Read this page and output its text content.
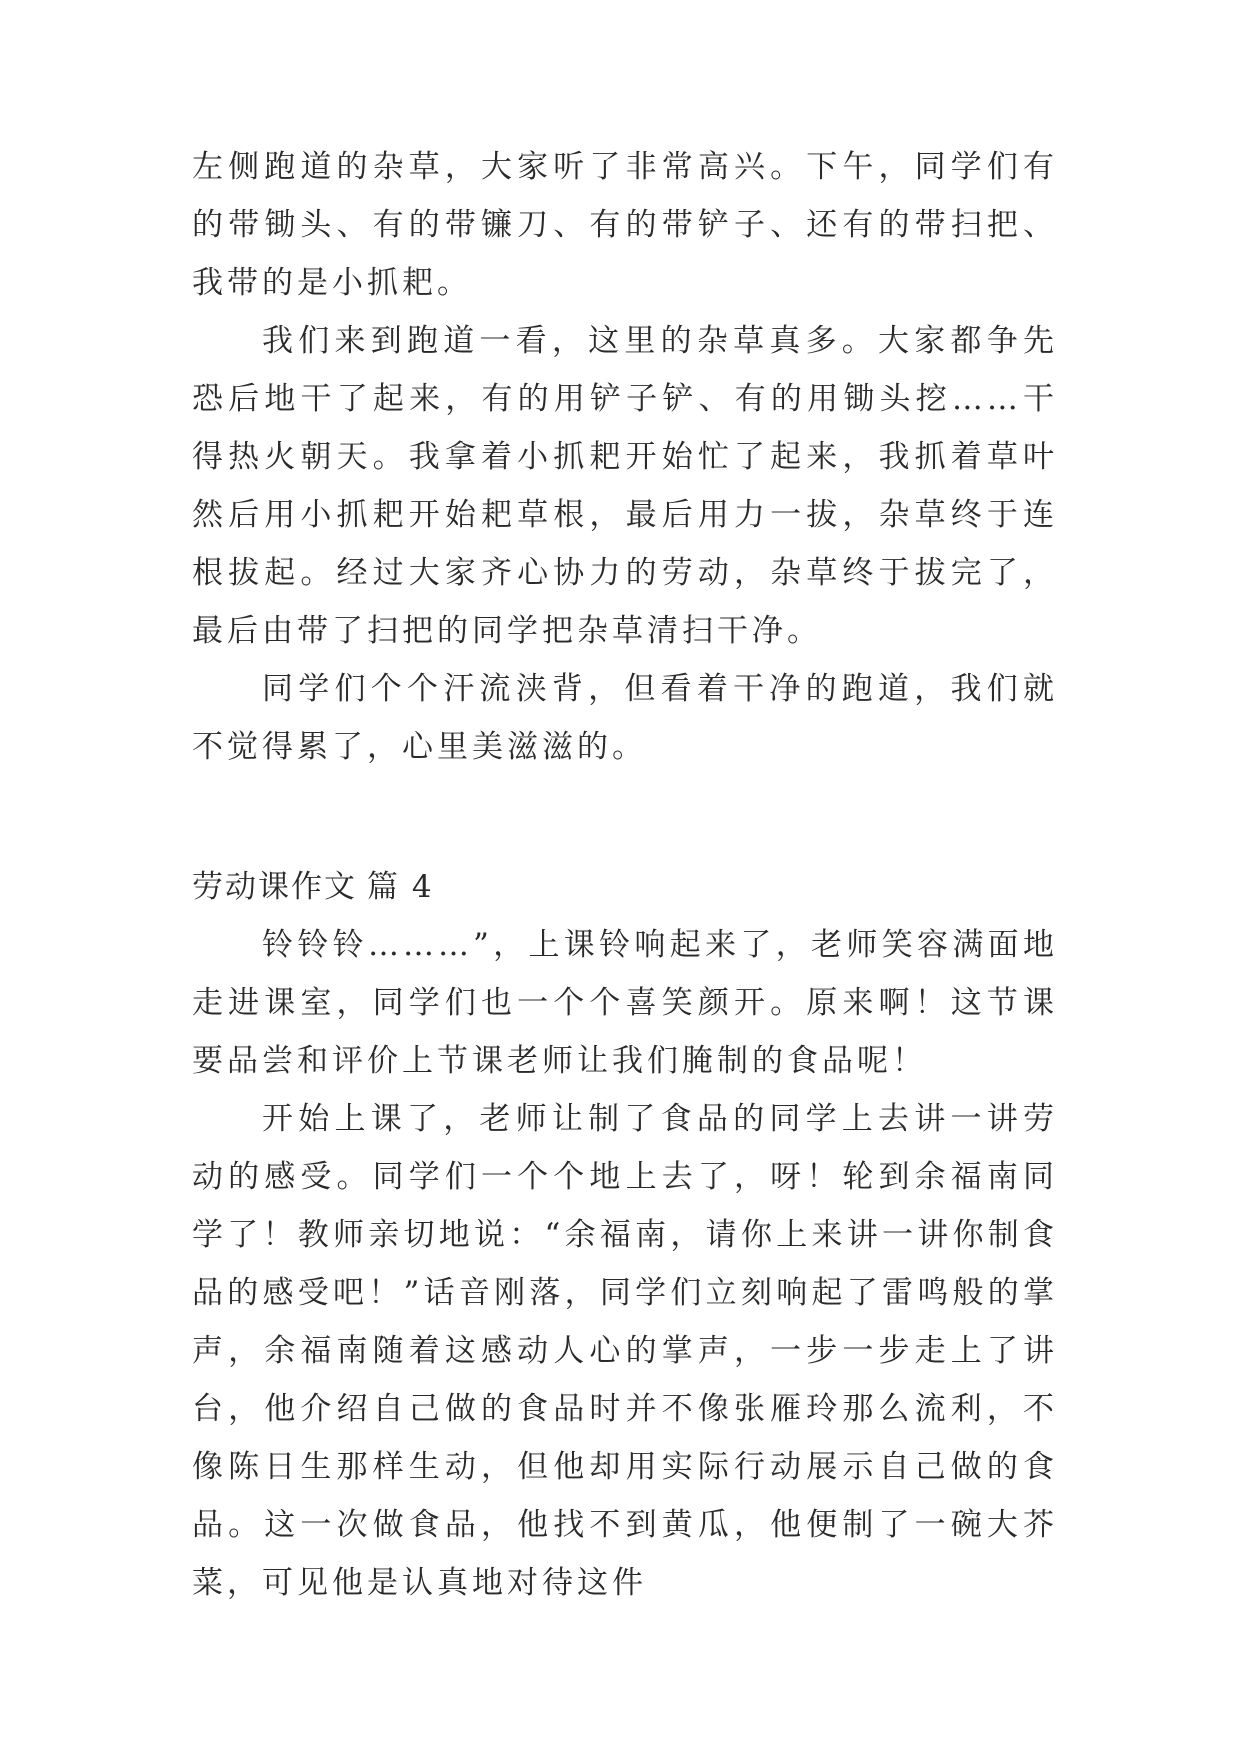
左侧跑道的杂草，大家听了非常高兴。下午，同学们有的带锄头、有的带镰刀、有的带铲子、还有的带扫把、我带的是小抓耙。

我们来到跑道一看，这里的杂草真多。大家都争先恐后地干了起来，有的用铲子铲、有的用锄头挖……干得热火朝天。我拿着小抓耙开始忙了起来，我抓着草叶然后用小抓耙开始耙草根，最后用力一拔，杂草终于连根拔起。经过大家齐心协力的劳动，杂草终于拔完了，最后由带了扫把的同学把杂草清扫干净。

同学们个个汗流浃背，但看着干净的跑道，我们就不觉得累了，心里美滋滋的。

劳动课作文 篇 4

铃铃铃………”，上课铃响起来了，老师笑容满面地走进课室，同学们也一个个喜笑颜开。原来啊！这节课要品尝和评价上节课老师让我们腌制的食品呢！

开始上课了，老师让制了食品的同学上去讲一讲劳动的感受。同学们一个个地上去了，呀！轮到余福南同学了！教师亲切地说：“余福南，请你上来讲一讲你制食品的感受吧！”话音刚落，同学们立刻响起了雷鸣般的掌声，余福南随着这感动人心的掌声，一步一步走上了讲台，他介绍自己做的食品时并不像张雁玲那么流利，不像陈日生那样生动，但他却用实际行动展示自己做的食品。这一次做食品，他找不到黄瓜，他便制了一碗大芥菜，可见他是认真地对待这件
